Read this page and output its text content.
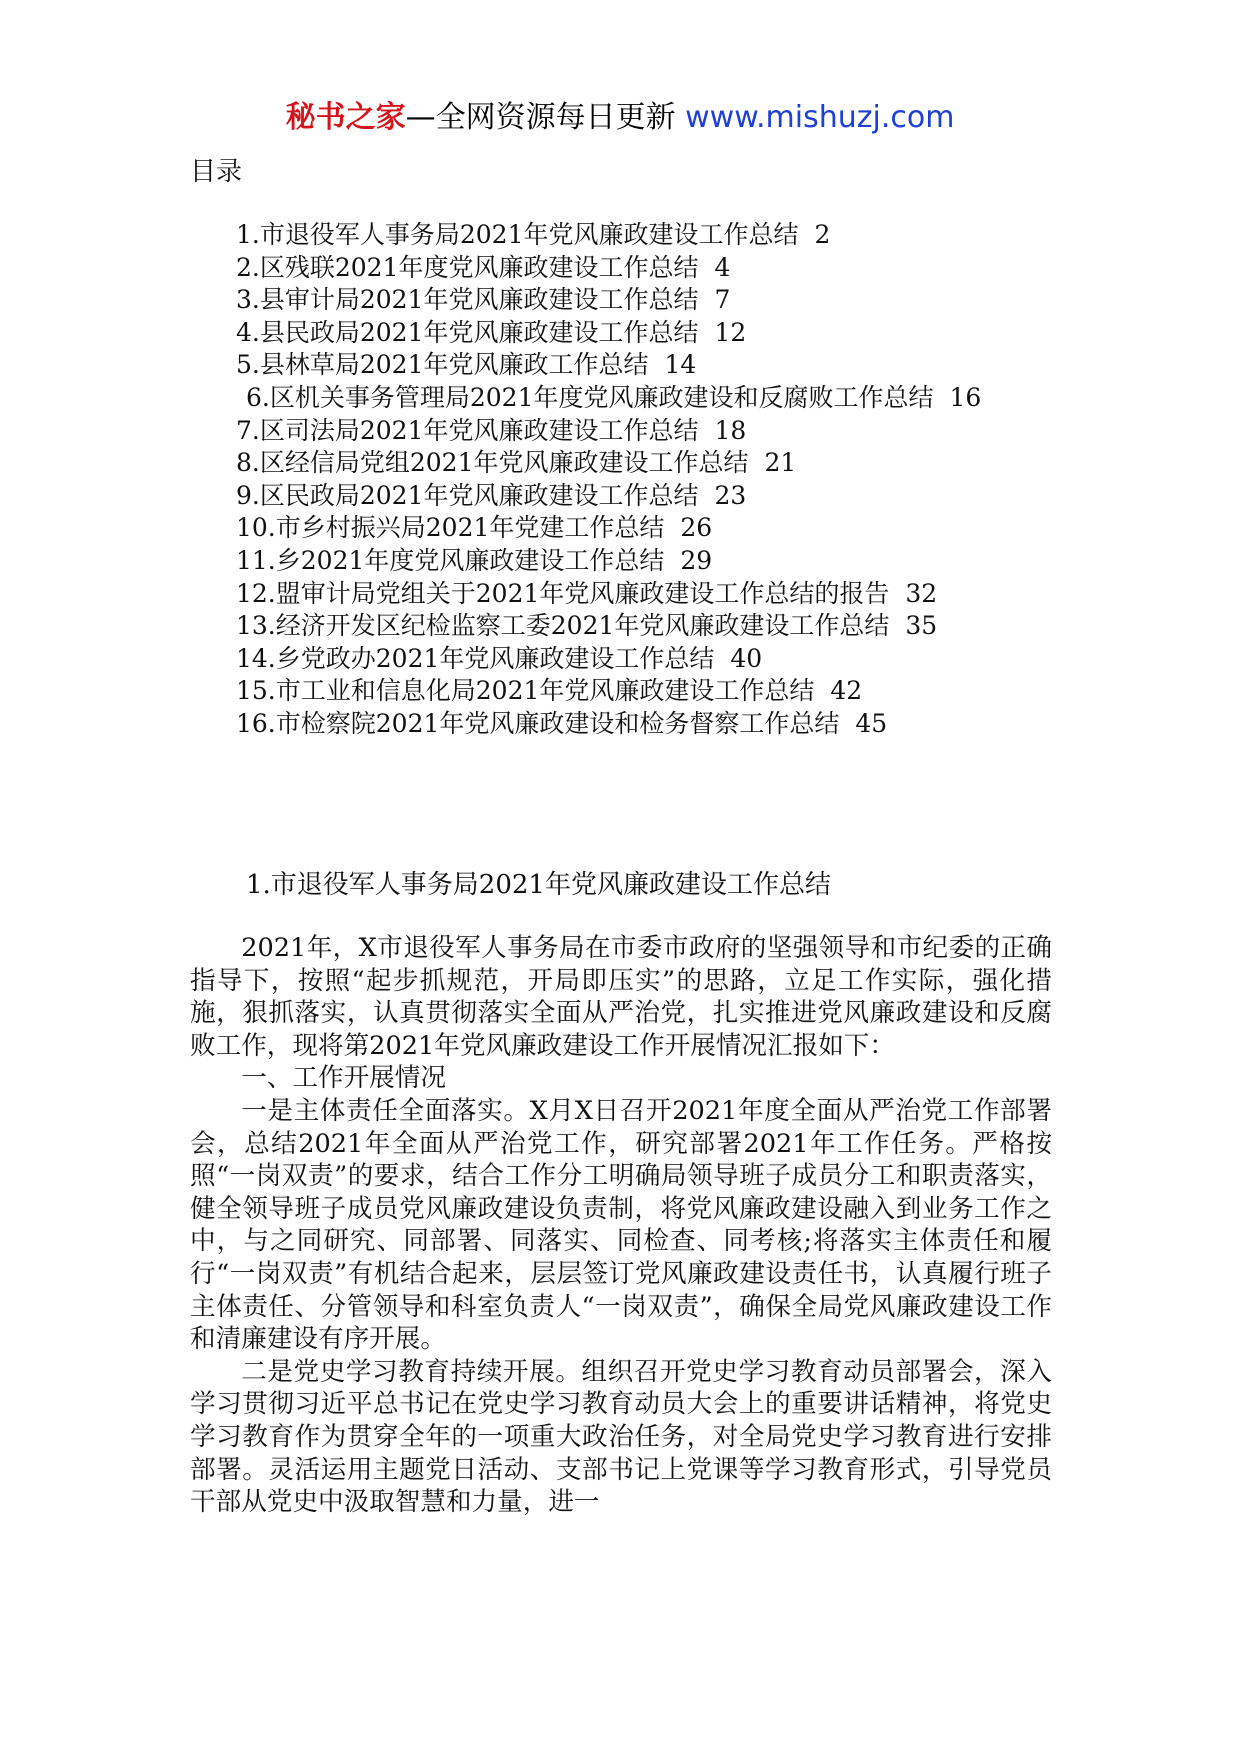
秘书之家—全网资源每日更新 www.mishuzj.com
目录
1.市退役军人事务局2021年党风廉政建设工作总结 2
2.区残联2021年度党风廉政建设工作总结 4
3.县审计局2021年党风廉政建设工作总结 7
4.县民政局2021年党风廉政建设工作总结 12
5.县林草局2021年党风廉政工作总结 14
6.区机关事务管理局2021年度党风廉政建设和反腐败工作总结 16
7.区司法局2021年党风廉政建设工作总结 18
8.区经信局党组2021年党风廉政建设工作总结 21
9.区民政局2021年党风廉政建设工作总结 23
10.市乡村振兴局2021年党建工作总结 26
11.乡2021年度党风廉政建设工作总结 29
12.盟审计局党组关于2021年党风廉政建设工作总结的报告 32
13.经济开发区纪检监察工委2021年党风廉政建设工作总结 35
14.乡党政办2021年党风廉政建设工作总结 40
15.市工业和信息化局2021年党风廉政建设工作总结 42
16.市检察院2021年党风廉政建设和检务督察工作总结 45
1.市退役军人事务局2021年党风廉政建设工作总结

2021年，X市退役军人事务局在市委市政府的坚强领导和市纪委的正确指导下，按照“起步抓规范，开局即压实”的思路，立足工作实际，强化措施，狠抓落实，认真贯彻落实全面从严治党，扎实推进党风廉政建设和反腐败工作，现将第2021年党风廉政建设工作开展情况汇报如下：

一、工作开展情况

一是主体责任全面落实。X月X日召开2021年度全面从严治党工作部署会，总结2021年全面从严治党工作，研究部署2021年工作任务。严格按照“一岗双责”的要求，结合工作分工明确局领导班子成员分工和职责落实，健全领导班子成员党风廉政建设负责制，将党风廉政建设融入到业务工作之中，与之同研究、同部署、同落实、同检查、同考核;将落实主体责任和履行“一岗双责”有机结合起来，层层签订党风廉政建设责任书，认真履行班子主体责任、分管领导和科室负责人“一岗双责”，确保全局党风廉政建设工作和清廉建设有序开展。

二是党史学习教育持续开展。组织召开党史学习教育动员部署会，深入学习贯彻习近平总书记在党史学习教育动员大会上的重要讲话精神，将党史学习教育作为贯穿全年的一项重大政治任务，对全局党史学习教育进行安排部署。灵活运用主题党日活动、支部书记上党课等学习教育形式，引导党员干部从党史中汲取智慧和力量，进一
